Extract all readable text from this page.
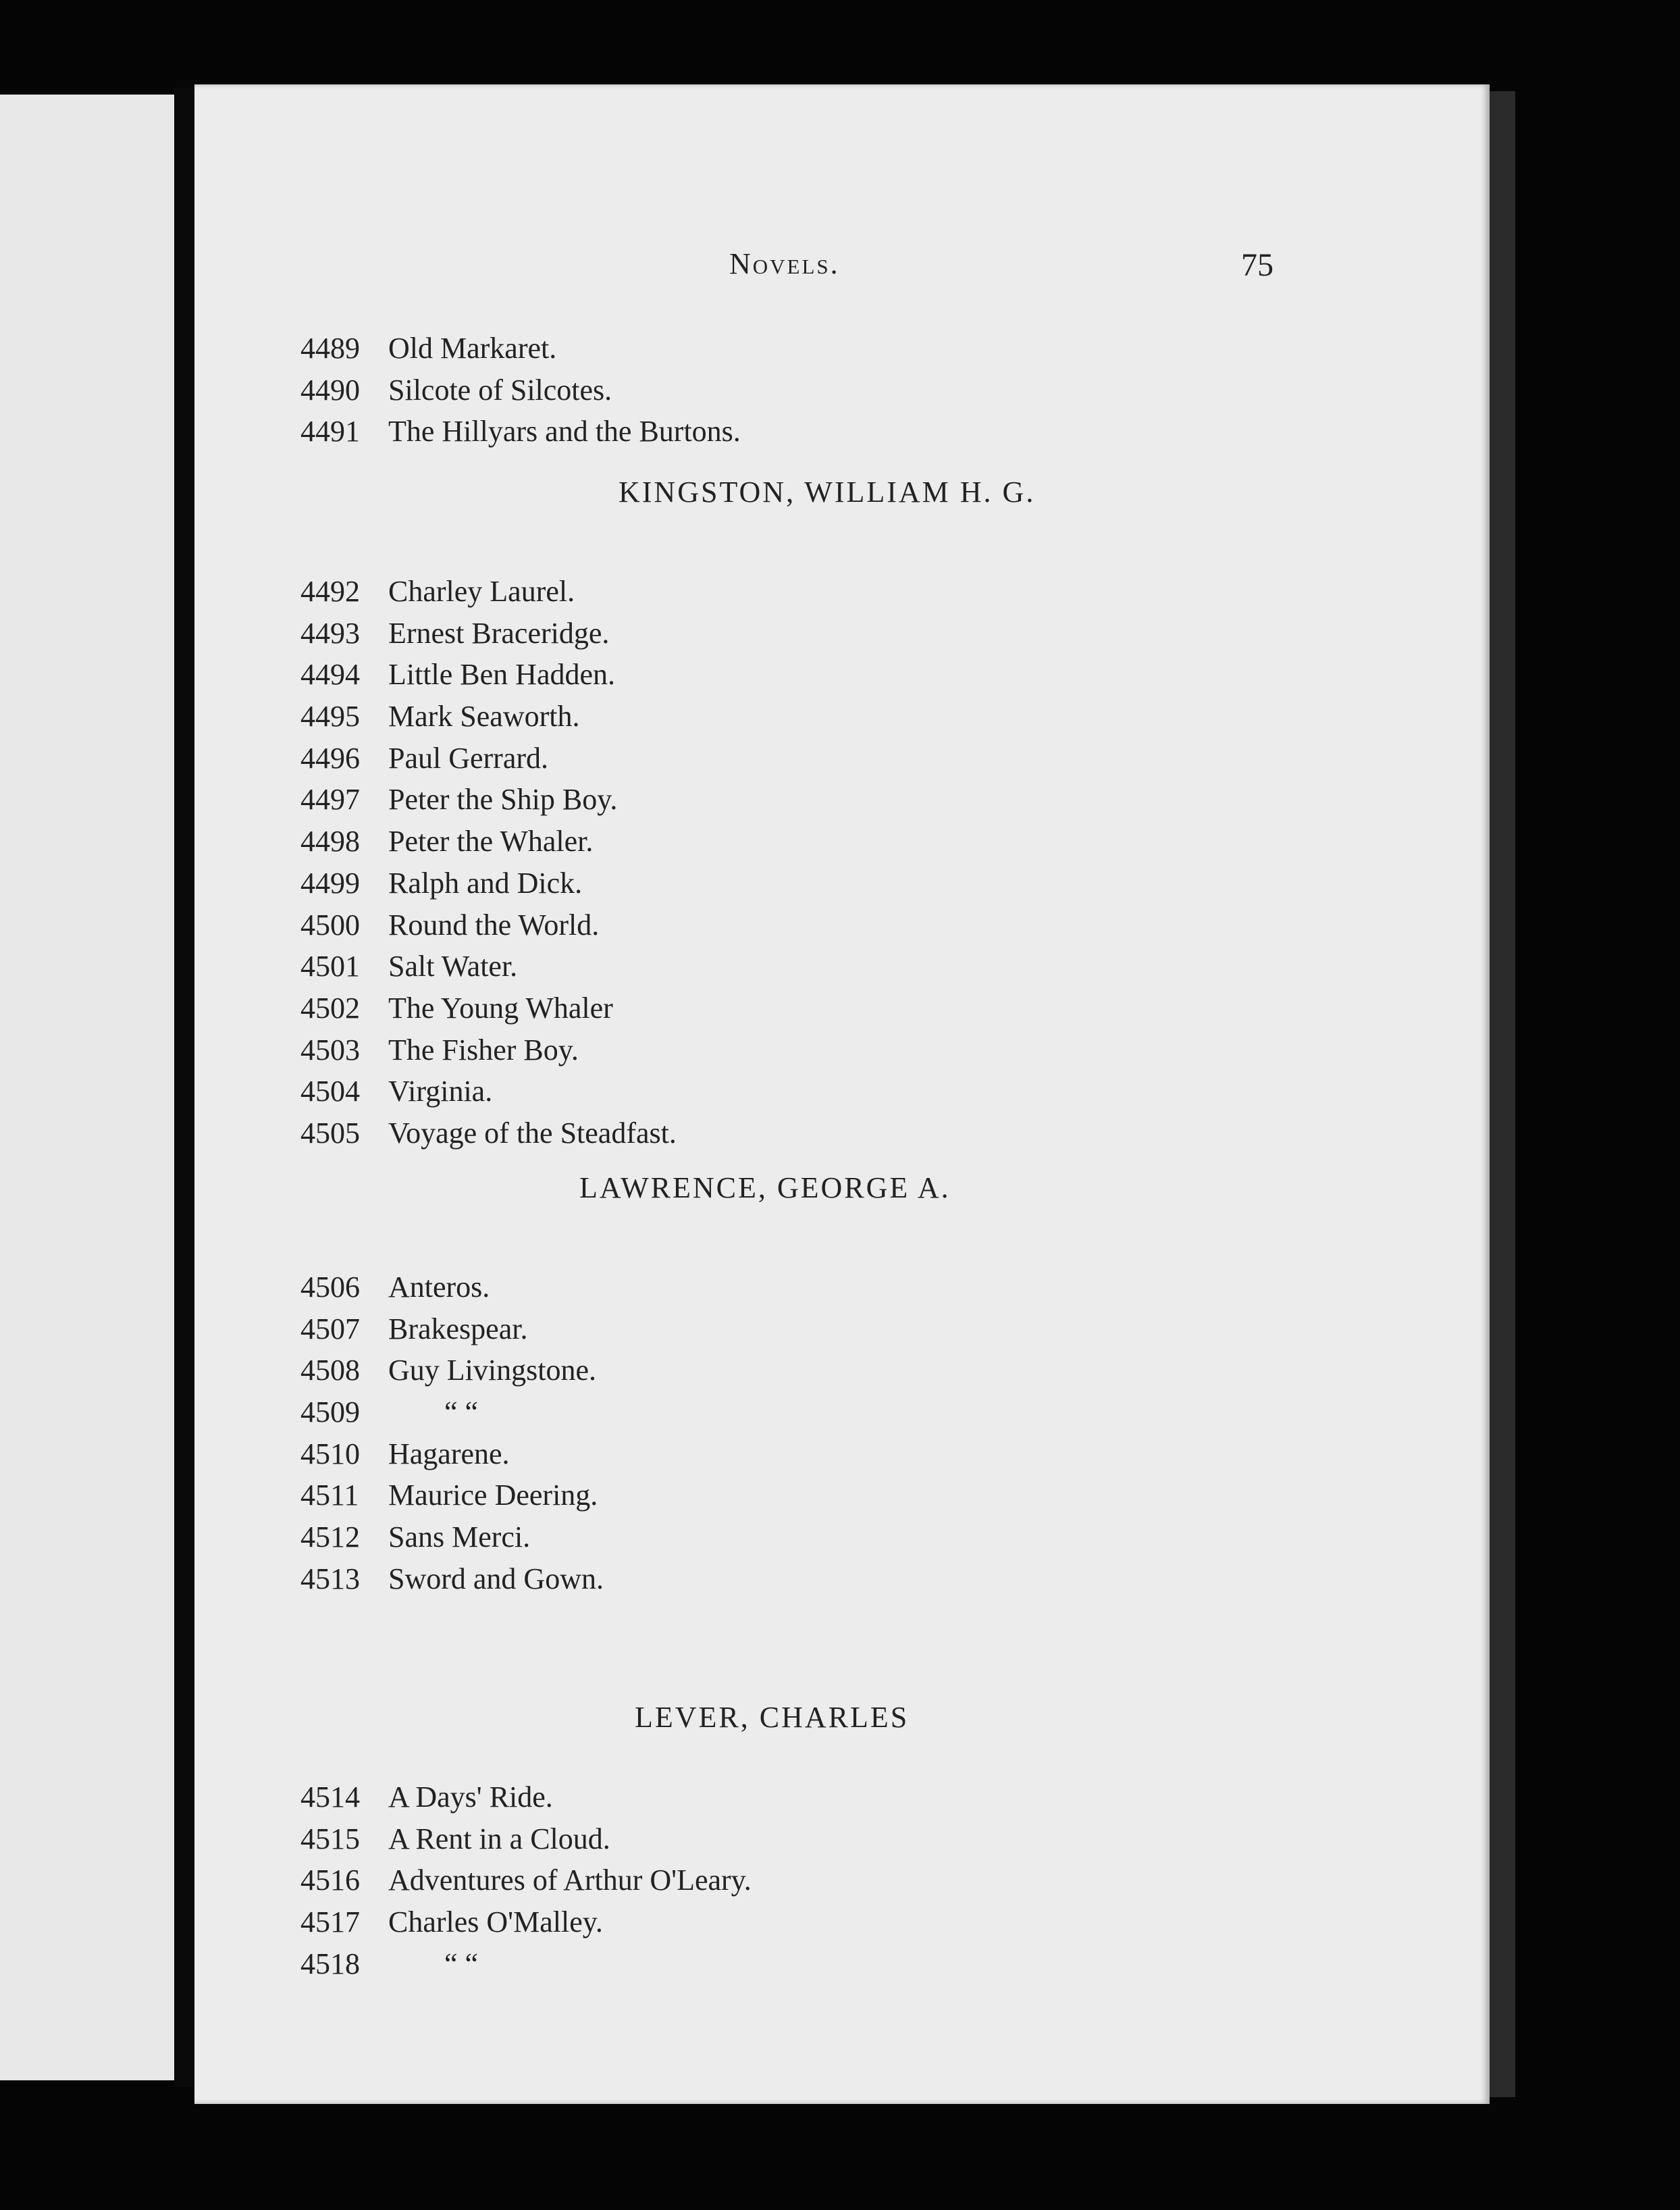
Novels.	75
4489 Old Markaret.
4490 Silcote of Silcotes.
4491 The Hillyars and the Burtons.
KINGSTON, WILLIAM H. G.
4492 Charley Laurel.
4493 Ernest Braceridge.
4494 Little Ben Hadden.
4495 Mark Seaworth.
4496 Paul Gerrard.
4497 Peter the Ship Boy.
4498 Peter the Whaler.
4499 Ralph and Dick.
4500 Round the World.
4501 Salt Water.
4502 The Young Whaler
4503 The Fisher Boy.
4504 Virginia.
4505 Voyage of the Steadfast.
LAWRENCE, GEORGE A.
4506 Anteros.
4507 Brakespear.
4508 Guy Livingstone.
4509	“ “
4510 Hagarene.
4511 Maurice Deering.
4512 Sans Merci.
4513 Sword and Gown.
LEVER, CHARLES
4514 A Days' Ride.
4515 A Rent in a Cloud.
4516 Adventures of Arthur O'Leary.
4517 Charles O'Malley.
4518	“ “
